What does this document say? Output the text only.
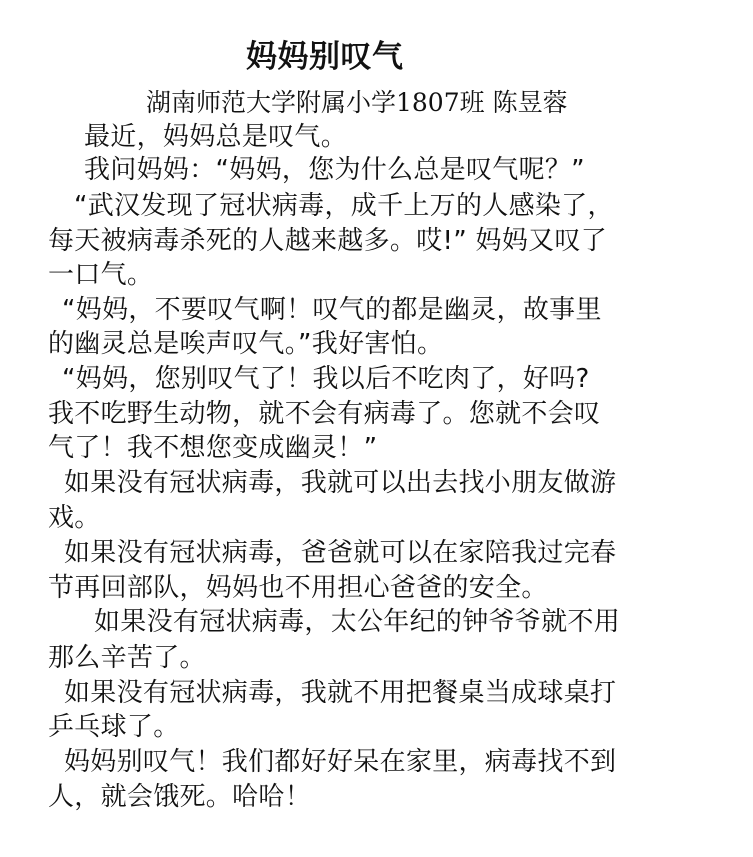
妈妈别叹气
湖南师范大学附属小学1807班 陈昱蓉
最近，妈妈总是叹气。
我问妈妈：“妈妈，您为什么总是叹气呢？”
“武汉发现了冠状病毒，成千上万的人感染了，
每天被病毒杀死的人越来越多。哎!” 妈妈又叹了
一口气。
“妈妈，不要叹气啊！叹气的都是幽灵，故事里
的幽灵总是唉声叹气。”我好害怕。
“妈妈，您别叹气了！我以后不吃肉了，好吗?
我不吃野生动物，就不会有病毒了。您就不会叹
气了！我不想您变成幽灵！”
如果没有冠状病毒，我就可以出去找小朋友做游
戏。
如果没有冠状病毒，爸爸就可以在家陪我过完春
节再回部队，妈妈也不用担心爸爸的安全。
如果没有冠状病毒，太公年纪的钟爷爷就不用
那么辛苦了。
如果没有冠状病毒，我就不用把餐桌当成球桌打
乒乓球了。
妈妈别叹气！我们都好好呆在家里，病毒找不到
人，就会饿死。哈哈！
